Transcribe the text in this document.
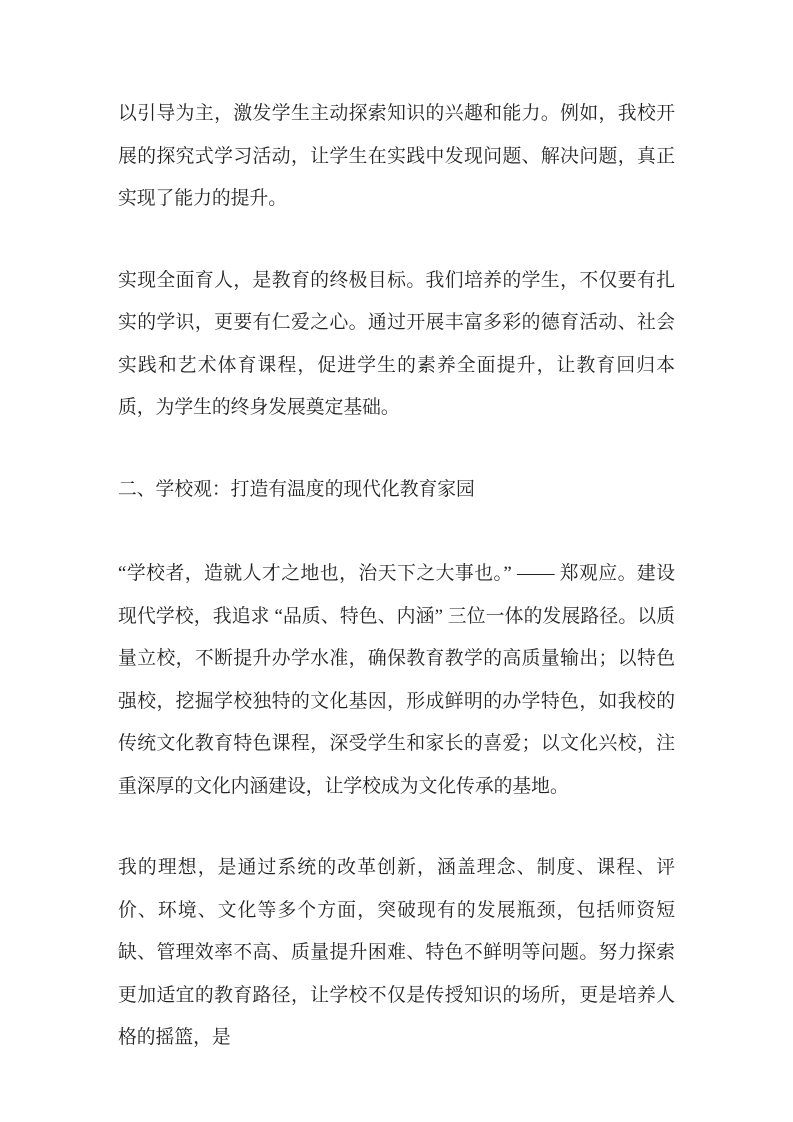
以引导为主，激发学生主动探索知识的兴趣和能力。例如，我校开展的探究式学习活动，让学生在实践中发现问题、解决问题，真正实现了能力的提升。

实现全面育人，是教育的终极目标。我们培养的学生，不仅要有扎实的学识，更要有仁爱之心。通过开展丰富多彩的德育活动、社会实践和艺术体育课程，促进学生的素养全面提升，让教育回归本质，为学生的终身发展奠定基础。

二、学校观：打造有温度的现代化教育家园

“学校者，造就人才之地也，治天下之大事也。” —— 郑观应。建设现代学校，我追求 “品质、特色、内涵” 三位一体的发展路径。以质量立校，不断提升办学水准，确保教育教学的高质量输出；以特色强校，挖掘学校独特的文化基因，形成鲜明的办学特色，如我校的传统文化教育特色课程，深受学生和家长的喜爱；以文化兴校，注重深厚的文化内涵建设，让学校成为文化传承的基地。

我的理想，是通过系统的改革创新，涵盖理念、制度、课程、评价、环境、文化等多个方面，突破现有的发展瓶颈，包括师资短缺、管理效率不高、质量提升困难、特色不鲜明等问题。努力探索更加适宜的教育路径，让学校不仅是传授知识的场所，更是培养人格的摇篮，是
